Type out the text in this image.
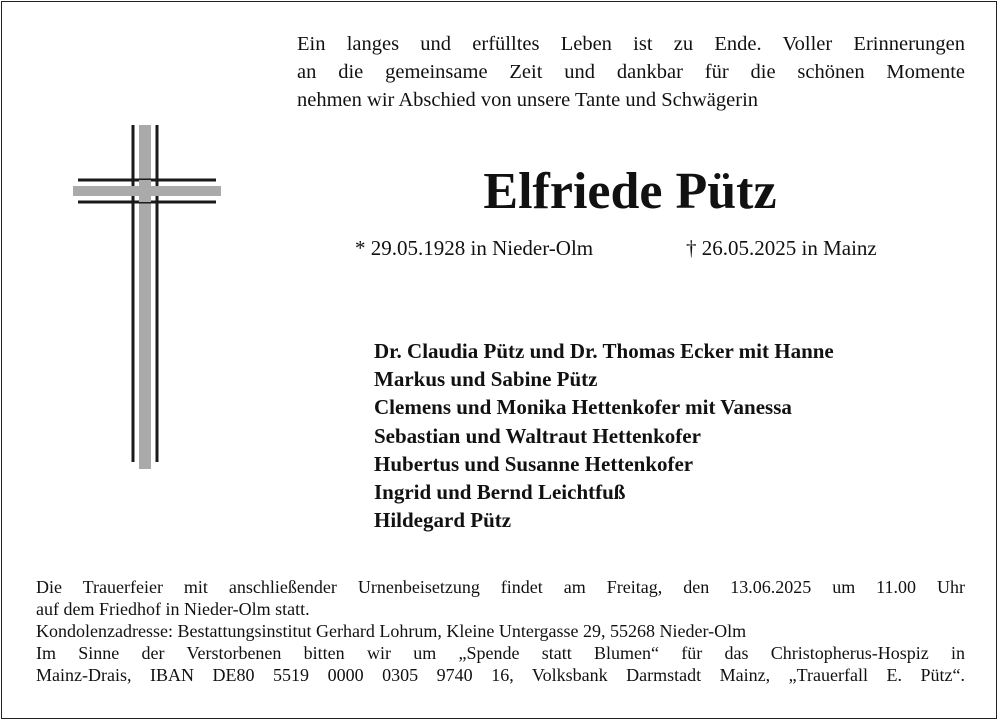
Ein langes und erfülltes Leben ist zu Ende. Voller Erinnerungen
an die gemeinsame Zeit und dankbar für die schönen Momente
nehmen wir Abschied von unsere Tante und Schwägerin
Elfriede Pütz
* 29.05.1928 in Nieder-Olm	† 26.05.2025 in Mainz
Dr. Claudia Pütz und Dr. Thomas Ecker mit Hanne
Markus und Sabine Pütz
Clemens und Monika Hettenkofer mit Vanessa
Sebastian und Waltraut Hettenkofer
Hubertus und Susanne Hettenkofer
Ingrid und Bernd Leichtfuß
Hildegard Pütz
Die Trauerfeier mit anschließender Urnenbeisetzung findet am Freitag, den 13.06.2025 um 11.00 Uhr
auf dem Friedhof in Nieder-Olm statt.
Kondolenzadresse: Bestattungsinstitut Gerhard Lohrum, Kleine Untergasse 29, 55268 Nieder-Olm
Im Sinne der Verstorbenen bitten wir um „Spende statt Blumen“ für das Christopherus-Hospiz in
Mainz-Drais, IBAN DE80 5519 0000 0305 9740 16, Volksbank Darmstadt Mainz, „Trauerfall E. Pütz“.
